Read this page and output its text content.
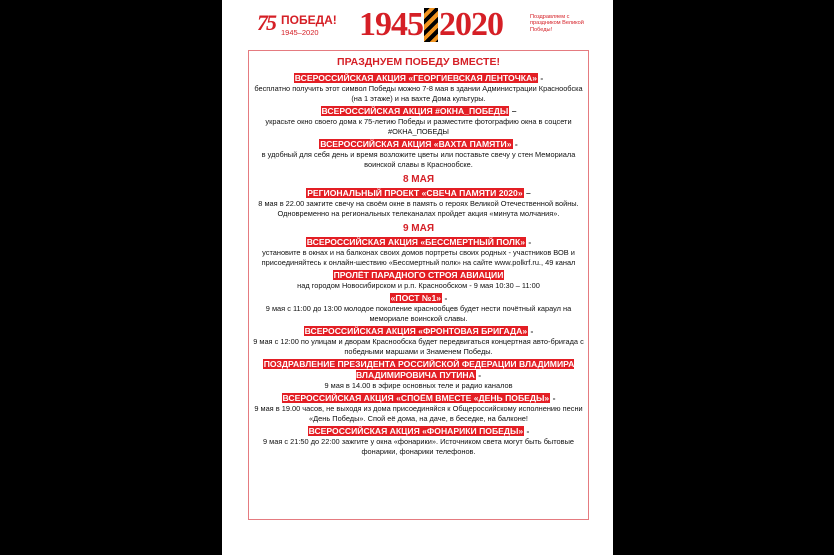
75 ПОБЕДА!
1945–2020 1945 2020	Поздравляем с праздником Великой Победы!
ПРАЗДНУЕМ ПОБЕДУ ВМЕСТЕ!
ВСЕРОССИЙСКАЯ АКЦИЯ «ГЕОРГИЕВСКАЯ ЛЕНТОЧКА» -
бесплатно получить этот символ Победы можно 7-8 мая в здании Администрации Краснообска (на 1 этаже) и на вахте Дома культуры.
ВСЕРОССИЙСКАЯ АКЦИЯ #ОКНА_ПОБЕДЫ –
украсьте окно своего дома к 75-летию Победы и разместите фотографию окна в соцсети #ОКНА_ПОБЕДЫ
ВСЕРОССИЙСКАЯ АКЦИЯ «ВАХТА ПАМЯТИ» -
в удобный для себя день и время возложите цветы или поставьте свечу у стен Мемориала воинской славы в Краснообске.
8 МАЯ
РЕГИОНАЛЬНЫЙ ПРОЕКТ «СВЕЧА ПАМЯТИ 2020» –
8 мая в 22.00 зажгите свечу на своём окне в память о героях Великой Отечественной войны. Одновременно на региональных телеканалах пройдет акция «минута молчания».
9 МАЯ
ВСЕРОССИЙСКАЯ АКЦИЯ «БЕССМЕРТНЫЙ ПОЛК» -
установите в окнах и на балконах своих домов портреты своих родных - участников ВОВ и присоединяйтесь к онлайн-шествию «Бессмертный полк» на сайте www.polkrf.ru., 49 канал
ПРОЛЁТ ПАРАДНОГО СТРОЯ АВИАЦИИ
над городом Новосибирском и р.п. Краснообском - 9 мая 10:30 – 11:00
«ПОСТ №1» -
9 мая с 11:00 до 13:00 молодое поколение краснообцев будет нести почётный караул на мемориале воинской славы.
ВСЕРОССИЙСКАЯ АКЦИЯ «ФРОНТОВАЯ БРИГАДА» -
9 мая с 12:00 по улицам и дворам Краснообска будет передвигаться концертная авто-бригада с победными маршами и Знаменем Победы.
ПОЗДРАВЛЕНИЕ ПРЕЗИДЕНТА РОССИЙСКОЙ ФЕДЕРАЦИИ ВЛАДИМИРА ВЛАДИМИРОВИЧА ПУТИНА -
9 мая в 14.00 в эфире основных теле и радио каналов
ВСЕРОССИЙСКАЯ АКЦИЯ «СПОЁМ ВМЕСТЕ «ДЕНЬ ПОБЕДЫ» -
9 мая в 19.00 часов, не выходя из дома присоединяйся к Общероссийскому исполнению песни «День Победы». Спой её дома, на даче, в беседке, на балконе!
ВСЕРОССИЙСКАЯ АКЦИЯ «ФОНАРИКИ ПОБЕДЫ» -
9 мая с 21:50 до 22:00 зажгите у окна «фонарики». Источником света могут быть бытовые фонарики, фонарики телефонов.
